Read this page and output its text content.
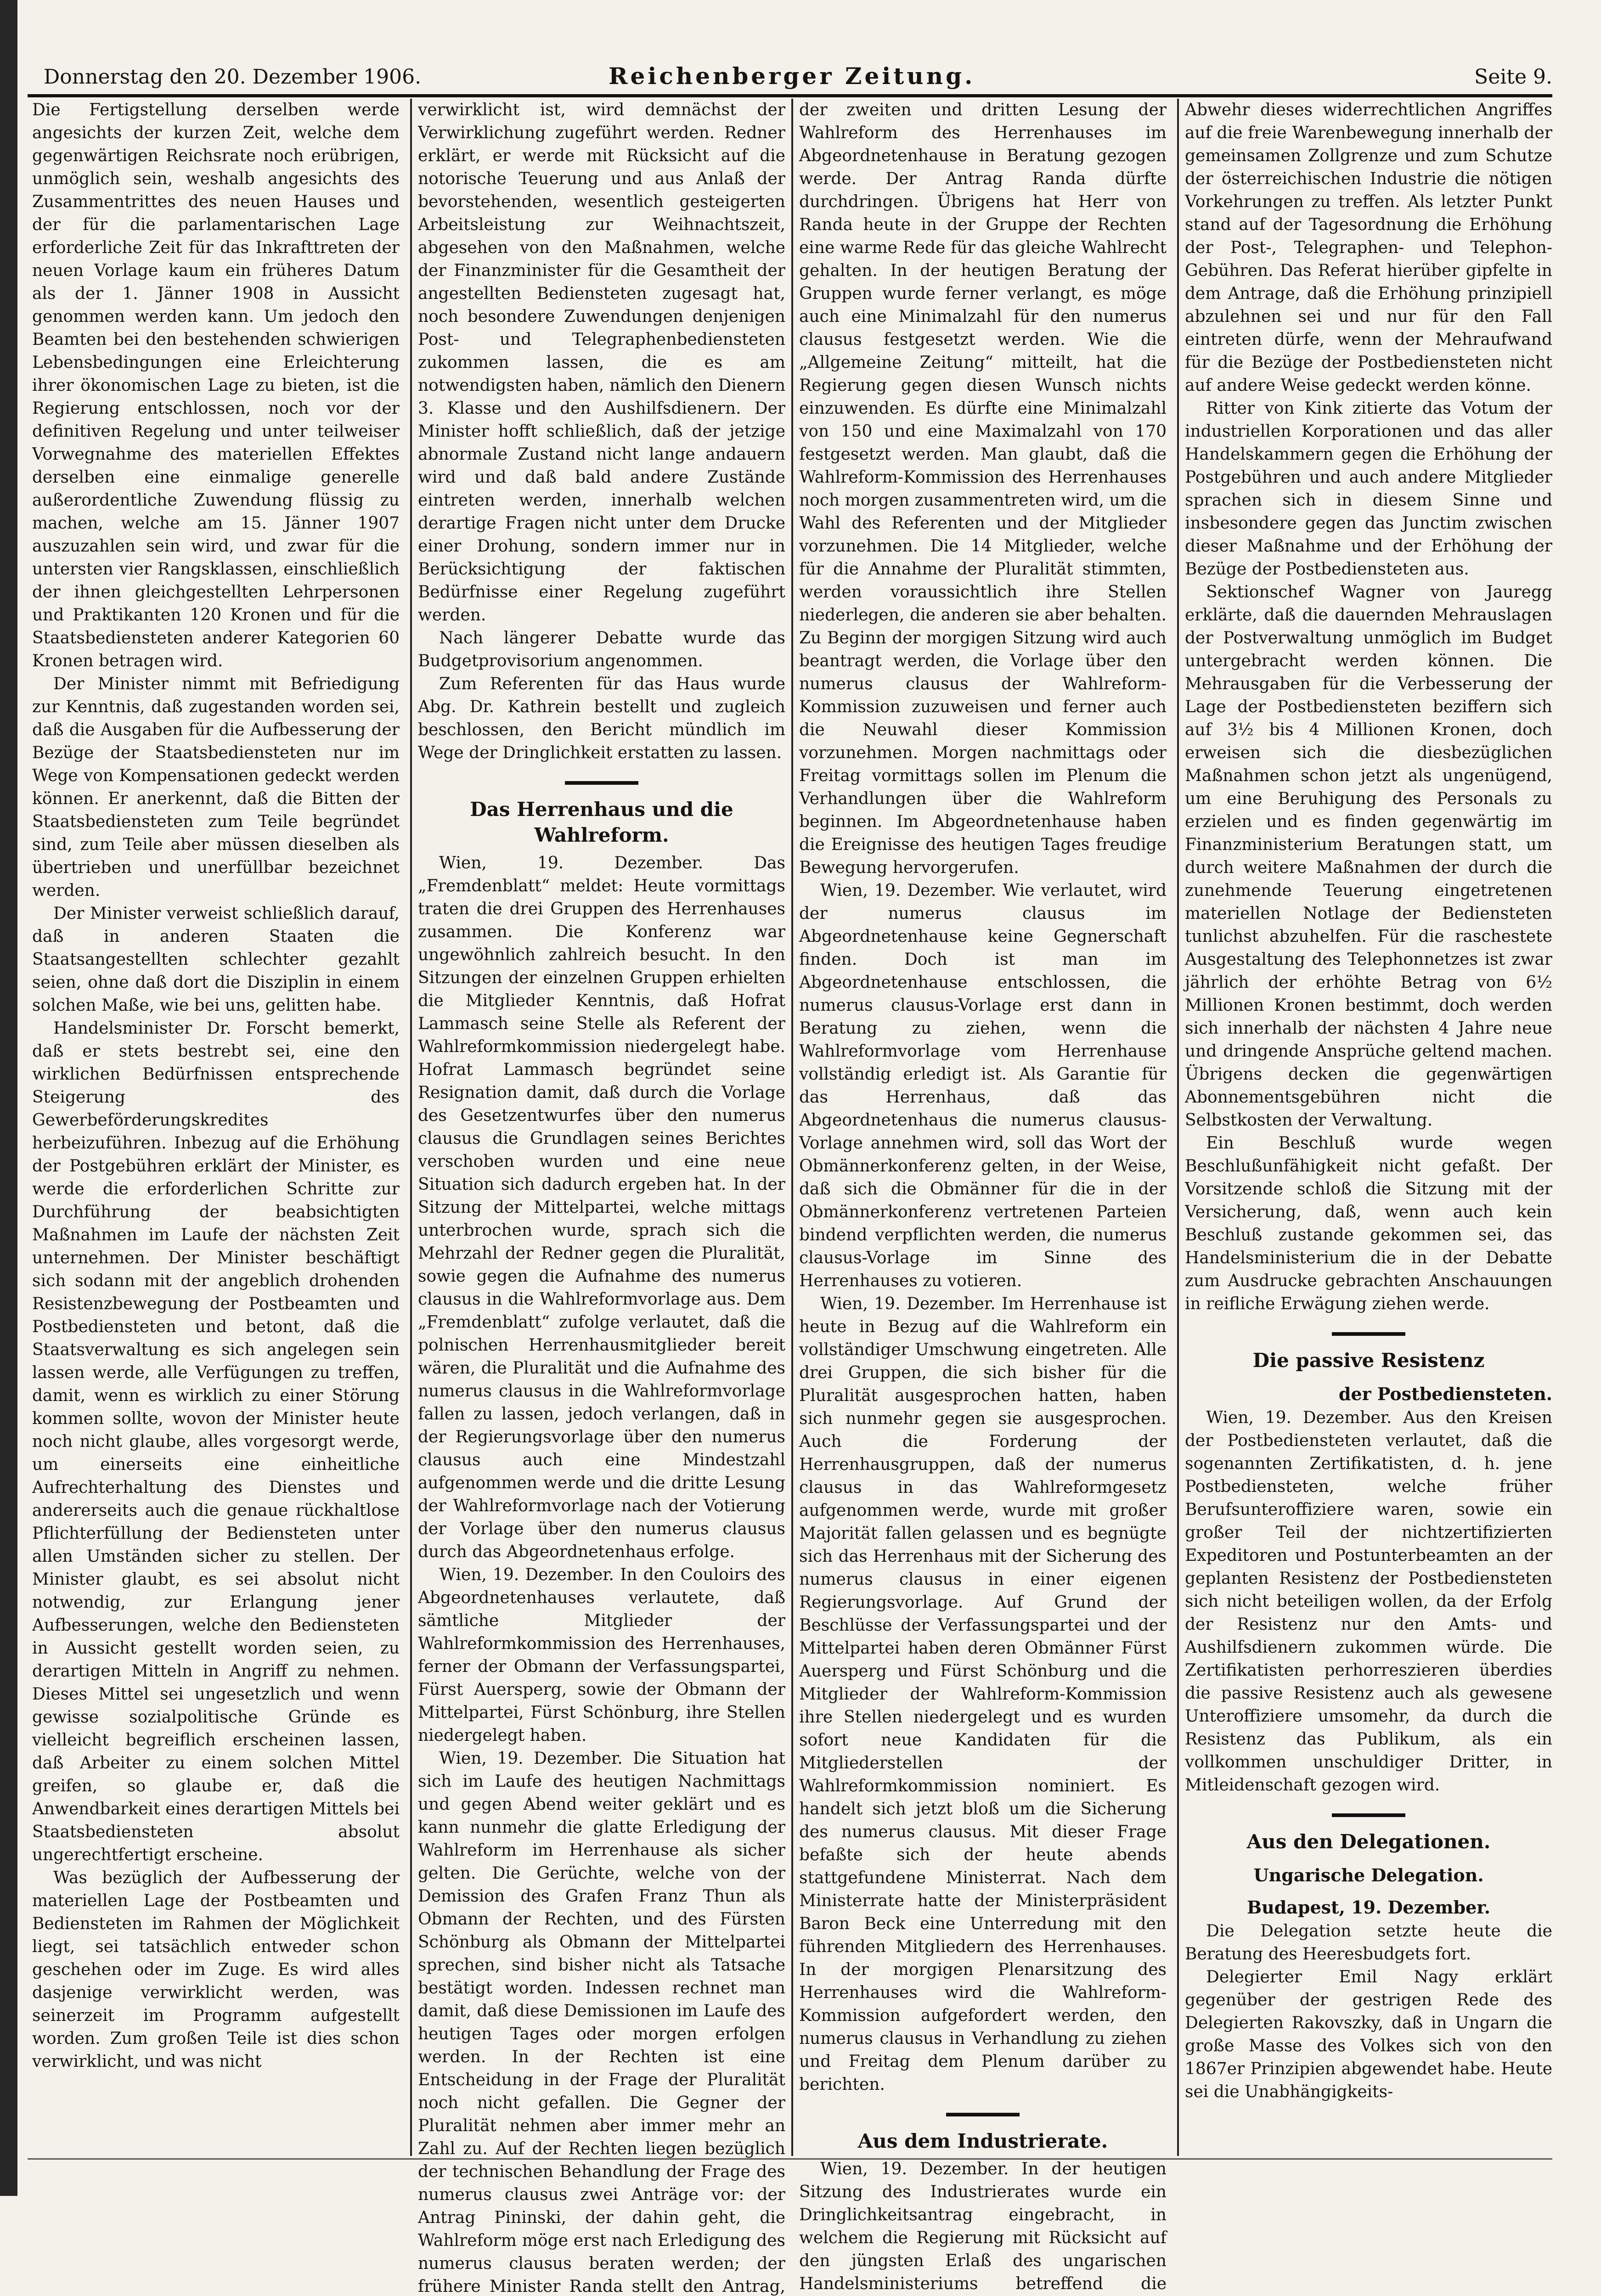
Donnerstag den 20. Dezember 1906.	Reichenberger Zeitung.	Seite 9.

Die Fertigstellung derselben werde angesichts der kurzen Zeit, welche dem gegenwärtigen Reichsrate noch erübrigen, unmöglich sein, weshalb angesichts des Zusammentrittes des neuen Hauses und der für die parlamentarischen Lage erforderliche Zeit für das Inkrafttreten der neuen Vorlage kaum ein früheres Datum als der 1. Jänner 1908 in Aussicht genommen werden kann. Um jedoch den Beamten bei den bestehenden schwierigen Lebensbedingungen eine Erleichterung ihrer ökonomischen Lage zu bieten, ist die Regierung entschlossen, noch vor der definitiven Regelung und unter teilweiser Vorwegnahme des materiellen Effektes derselben eine einmalige generelle außerordentliche Zuwendung flüssig zu machen, welche am 15. Jänner 1907 auszuzahlen sein wird, und zwar für die untersten vier Rangsklassen, einschließlich der ihnen gleichgestellten Lehrpersonen und Praktikanten 120 Kronen und für die Staatsbediensteten anderer Kategorien 60 Kronen betragen wird.

Der Minister nimmt mit Befriedigung zur Kenntnis, daß zugestanden worden sei, daß die Ausgaben für die Aufbesserung der Bezüge der Staatsbediensteten nur im Wege von Kompensationen gedeckt werden können. Er anerkennt, daß die Bitten der Staatsbediensteten zum Teile begründet sind, zum Teile aber müssen dieselben als übertrieben und unerfüllbar bezeichnet werden.

Der Minister verweist schließlich darauf, daß in anderen Staaten die Staatsangestellten schlechter gezahlt seien, ohne daß dort die Disziplin in einem solchen Maße, wie bei uns, gelitten habe.

Handelsminister Dr. Forscht bemerkt, daß er stets bestrebt sei, eine den wirklichen Bedürfnissen entsprechende Steigerung des Gewerbeförderungskredites herbeizuführen. Inbezug auf die Erhöhung der Postgebühren erklärt der Minister, es werde die erforderlichen Schritte zur Durchführung der beabsichtigten Maßnahmen im Laufe der nächsten Zeit unternehmen. Der Minister beschäftigt sich sodann mit der angeblich drohenden Resistenzbewegung der Postbeamten und Postbediensteten und betont, daß die Staatsverwaltung es sich angelegen sein lassen werde, alle Verfügungen zu treffen, damit, wenn es wirklich zu einer Störung kommen sollte, wovon der Minister heute noch nicht glaube, alles vorgesorgt werde, um einerseits eine einheitliche Aufrechterhaltung des Dienstes und andererseits auch die genaue rückhaltlose Pflichterfüllung der Bediensteten unter allen Umständen sicher zu stellen. Der Minister glaubt, es sei absolut nicht notwendig, zur Erlangung jener Aufbesserungen, welche den Bediensteten in Aussicht gestellt worden seien, zu derartigen Mitteln in Angriff zu nehmen. Dieses Mittel sei ungesetzlich und wenn gewisse sozialpolitische Gründe es vielleicht begreiflich erscheinen lassen, daß Arbeiter zu einem solchen Mittel greifen, so glaube er, daß die Anwendbarkeit eines derartigen Mittels bei Staatsbediensteten absolut ungerechtfertigt erscheine.

Was bezüglich der Aufbesserung der materiellen Lage der Postbeamten und Bediensteten im Rahmen der Möglichkeit liegt, sei tatsächlich entweder schon geschehen oder im Zuge. Es wird alles dasjenige verwirklicht werden, was seinerzeit im Programm aufgestellt worden. Zum großen Teile ist dies schon verwirklicht, und was nicht

verwirklicht ist, wird demnächst der Verwirklichung zugeführt werden. Redner erklärt, er werde mit Rücksicht auf die notorische Teuerung und aus Anlaß der bevorstehenden, wesentlich gesteigerten Arbeitsleistung zur Weihnachtszeit, abgesehen von den Maßnahmen, welche der Finanzminister für die Gesamtheit der angestellten Bediensteten zugesagt hat, noch besondere Zuwendungen denjenigen Post- und Telegraphenbediensteten zukommen lassen, die es am notwendigsten haben, nämlich den Dienern 3. Klasse und den Aushilfsdienern. Der Minister hofft schließlich, daß der jetzige abnormale Zustand nicht lange andauern wird und daß bald andere Zustände eintreten werden, innerhalb welchen derartige Fragen nicht unter dem Drucke einer Drohung, sondern immer nur in Berücksichtigung der faktischen Bedürfnisse einer Regelung zugeführt werden.

Nach längerer Debatte wurde das Budgetprovisorium angenommen.

Zum Referenten für das Haus wurde Abg. Dr. Kathrein bestellt und zugleich beschlossen, den Bericht mündlich im Wege der Dringlichkeit erstatten zu lassen.

Das Herrenhaus und die Wahlreform.

Wien, 19. Dezember. Das „Fremdenblatt“ meldet: Heute vormittags traten die drei Gruppen des Herrenhauses zusammen. Die Konferenz war ungewöhnlich zahlreich besucht. In den Sitzungen der einzelnen Gruppen erhielten die Mitglieder Kenntnis, daß Hofrat Lammasch seine Stelle als Referent der Wahlreformkommission niedergelegt habe. Hofrat Lammasch begründet seine Resignation damit, daß durch die Vorlage des Gesetzentwurfes über den numerus clausus die Grundlagen seines Berichtes verschoben wurden und eine neue Situation sich dadurch ergeben hat. In der Sitzung der Mittelpartei, welche mittags unterbrochen wurde, sprach sich die Mehrzahl der Redner gegen die Pluralität, sowie gegen die Aufnahme des numerus clausus in die Wahlreformvorlage aus. Dem „Fremdenblatt“ zufolge verlautet, daß die polnischen Herrenhausmitglieder bereit wären, die Pluralität und die Aufnahme des numerus clausus in die Wahlreformvorlage fallen zu lassen, jedoch verlangen, daß in der Regierungsvorlage über den numerus clausus auch eine Mindestzahl aufgenommen werde und die dritte Lesung der Wahlreformvorlage nach der Votierung der Vorlage über den numerus clausus durch das Abgeordnetenhaus erfolge.

Wien, 19. Dezember. In den Couloirs des Abgeordnetenhauses verlautete, daß sämtliche Mitglieder der Wahlreformkommission des Herrenhauses, ferner der Obmann der Verfassungspartei, Fürst Auersperg, sowie der Obmann der Mittelpartei, Fürst Schönburg, ihre Stellen niedergelegt haben.

Wien, 19. Dezember. Die Situation hat sich im Laufe des heutigen Nachmittags und gegen Abend weiter geklärt und es kann nunmehr die glatte Erledigung der Wahlreform im Herrenhause als sicher gelten. Die Gerüchte, welche von der Demission des Grafen Franz Thun als Obmann der Rechten, und des Fürsten Schönburg als Obmann der Mittelpartei sprechen, sind bisher nicht als Tatsache bestätigt worden. Indessen rechnet man damit, daß diese Demissionen im Laufe des heutigen Tages oder morgen erfolgen werden. In der Rechten ist eine Entscheidung in der Frage der Pluralität noch nicht gefallen. Die Gegner der Pluralität nehmen aber immer mehr an Zahl zu. Auf der Rechten liegen bezüglich der technischen Behandlung der Frage des numerus clausus zwei Anträge vor: der Antrag Pininski, der dahin geht, die Wahlreform möge erst nach Erledigung des numerus clausus beraten werden; der frühere Minister Randa stellt den Antrag,

der zweiten und dritten Lesung der Wahlreform des Herrenhauses im Abgeordnetenhause in Beratung gezogen werde. Der Antrag Randa dürfte durchdringen. Übrigens hat Herr von Randa heute in der Gruppe der Rechten eine warme Rede für das gleiche Wahlrecht gehalten. In der heutigen Beratung der Gruppen wurde ferner verlangt, es möge auch eine Minimalzahl für den numerus clausus festgesetzt werden. Wie die „Allgemeine Zeitung“ mitteilt, hat die Regierung gegen diesen Wunsch nichts einzuwenden. Es dürfte eine Minimalzahl von 150 und eine Maximalzahl von 170 festgesetzt werden. Man glaubt, daß die Wahlreform-Kommission des Herrenhauses noch morgen zusammentreten wird, um die Wahl des Referenten und der Mitglieder vorzunehmen. Die 14 Mitglieder, welche für die Annahme der Pluralität stimmten, werden voraussichtlich ihre Stellen niederlegen, die anderen sie aber behalten. Zu Beginn der morgigen Sitzung wird auch beantragt werden, die Vorlage über den numerus clausus der Wahlreform-Kommission zuzuweisen und ferner auch die Neuwahl dieser Kommission vorzunehmen. Morgen nachmittags oder Freitag vormittags sollen im Plenum die Verhandlungen über die Wahlreform beginnen. Im Abgeordnetenhause haben die Ereignisse des heutigen Tages freudige Bewegung hervorgerufen.

Wien, 19. Dezember. Wie verlautet, wird der numerus clausus im Abgeordnetenhause keine Gegnerschaft finden. Doch ist man im Abgeordnetenhause entschlossen, die numerus clausus-Vorlage erst dann in Beratung zu ziehen, wenn die Wahlreformvorlage vom Herrenhause vollständig erledigt ist. Als Garantie für das Herrenhaus, daß das Abgeordnetenhaus die numerus clausus-Vorlage annehmen wird, soll das Wort der Obmännerkonferenz gelten, in der Weise, daß sich die Obmänner für die in der Obmännerkonferenz vertretenen Parteien bindend verpflichten werden, die numerus clausus-Vorlage im Sinne des Herrenhauses zu votieren.

Wien, 19. Dezember. Im Herrenhause ist heute in Bezug auf die Wahlreform ein vollständiger Umschwung eingetreten. Alle drei Gruppen, die sich bisher für die Pluralität ausgesprochen hatten, haben sich nunmehr gegen sie ausgesprochen. Auch die Forderung der Herrenhausgruppen, daß der numerus clausus in das Wahlreformgesetz aufgenommen werde, wurde mit großer Majorität fallen gelassen und es begnügte sich das Herrenhaus mit der Sicherung des numerus clausus in einer eigenen Regierungsvorlage. Auf Grund der Beschlüsse der Verfassungspartei und der Mittelpartei haben deren Obmänner Fürst Auersperg und Fürst Schönburg und die Mitglieder der Wahlreform-Kommission ihre Stellen niedergelegt und es wurden sofort neue Kandidaten für die Mitgliederstellen der Wahlreformkommission nominiert. Es handelt sich jetzt bloß um die Sicherung des numerus clausus. Mit dieser Frage befaßte sich der heute abends stattgefundene Ministerrat. Nach dem Ministerrate hatte der Ministerpräsident Baron Beck eine Unterredung mit den führenden Mitgliedern des Herrenhauses. In der morgigen Plenarsitzung des Herrenhauses wird die Wahlreform-Kommission aufgefordert werden, den numerus clausus in Verhandlung zu ziehen und Freitag dem Plenum darüber zu berichten.

Aus dem Industrierate.

Wien, 19. Dezember. In der heutigen Sitzung des Industrierates wurde ein Dringlichkeitsantrag eingebracht, in welchem die Regierung mit Rücksicht auf den jüngsten Erlaß des ungarischen Handelsministeriums betreffend die

Abwehr dieses widerrechtlichen Angriffes auf die freie Warenbewegung innerhalb der gemeinsamen Zollgrenze und zum Schutze der österreichischen Industrie die nötigen Vorkehrungen zu treffen. Als letzter Punkt stand auf der Tagesordnung die Erhöhung der Post-, Telegraphen- und Telephon-Gebühren. Das Referat hierüber gipfelte in dem Antrage, daß die Erhöhung prinzipiell abzulehnen sei und nur für den Fall eintreten dürfe, wenn der Mehraufwand für die Bezüge der Postbediensteten nicht auf andere Weise gedeckt werden könne.

Ritter von Kink zitierte das Votum der industriellen Korporationen und das aller Handelskammern gegen die Erhöhung der Postgebühren und auch andere Mitglieder sprachen sich in diesem Sinne und insbesondere gegen das Junctim zwischen dieser Maßnahme und der Erhöhung der Bezüge der Postbediensteten aus.

Sektionschef Wagner von Jauregg erklärte, daß die dauernden Mehrauslagen der Postverwaltung unmöglich im Budget untergebracht werden können. Die Mehrausgaben für die Verbesserung der Lage der Postbediensteten beziffern sich auf 3½ bis 4 Millionen Kronen, doch erweisen sich die diesbezüglichen Maßnahmen schon jetzt als ungenügend, um eine Beruhigung des Personals zu erzielen und es finden gegenwärtig im Finanzministerium Beratungen statt, um durch weitere Maßnahmen der durch die zunehmende Teuerung eingetretenen materiellen Notlage der Bediensteten tunlichst abzuhelfen. Für die raschestete Ausgestaltung des Telephonnetzes ist zwar jährlich der erhöhte Betrag von 6½ Millionen Kronen bestimmt, doch werden sich innerhalb der nächsten 4 Jahre neue und dringende Ansprüche geltend machen. Übrigens decken die gegenwärtigen Abonnementsgebühren nicht die Selbstkosten der Verwaltung.

Ein Beschluß wurde wegen Beschlußunfähigkeit nicht gefaßt. Der Vorsitzende schloß die Sitzung mit der Versicherung, daß, wenn auch kein Beschluß zustande gekommen sei, das Handelsministerium die in der Debatte zum Ausdrucke gebrachten Anschauungen in reifliche Erwägung ziehen werde.

Die passive Resistenz
der Postbediensteten.

Wien, 19. Dezember. Aus den Kreisen der Postbediensteten verlautet, daß die sogenannten Zertifikatisten, d. h. jene Postbediensteten, welche früher Berufsunteroffiziere waren, sowie ein großer Teil der nichtzertifizierten Expeditoren und Postunterbeamten an der geplanten Resistenz der Postbediensteten sich nicht beteiligen wollen, da der Erfolg der Resistenz nur den Amts- und Aushilfsdienern zukommen würde. Die Zertifikatisten perhorreszieren überdies die passive Resistenz auch als gewesene Unteroffiziere umsomehr, da durch die Resistenz das Publikum, als ein vollkommen unschuldiger Dritter, in Mitleidenschaft gezogen wird.

Aus den Delegationen.
Ungarische Delegation.
Budapest, 19. Dezember.

Die Delegation setzte heute die Beratung des Heeresbudgets fort.

Delegierter Emil Nagy erklärt gegenüber der gestrigen Rede des Delegierten Rakovszky, daß in Ungarn die große Masse des Volkes sich von den 1867er Prinzipien abgewendet habe. Heute sei die Unabhängigkeits-
